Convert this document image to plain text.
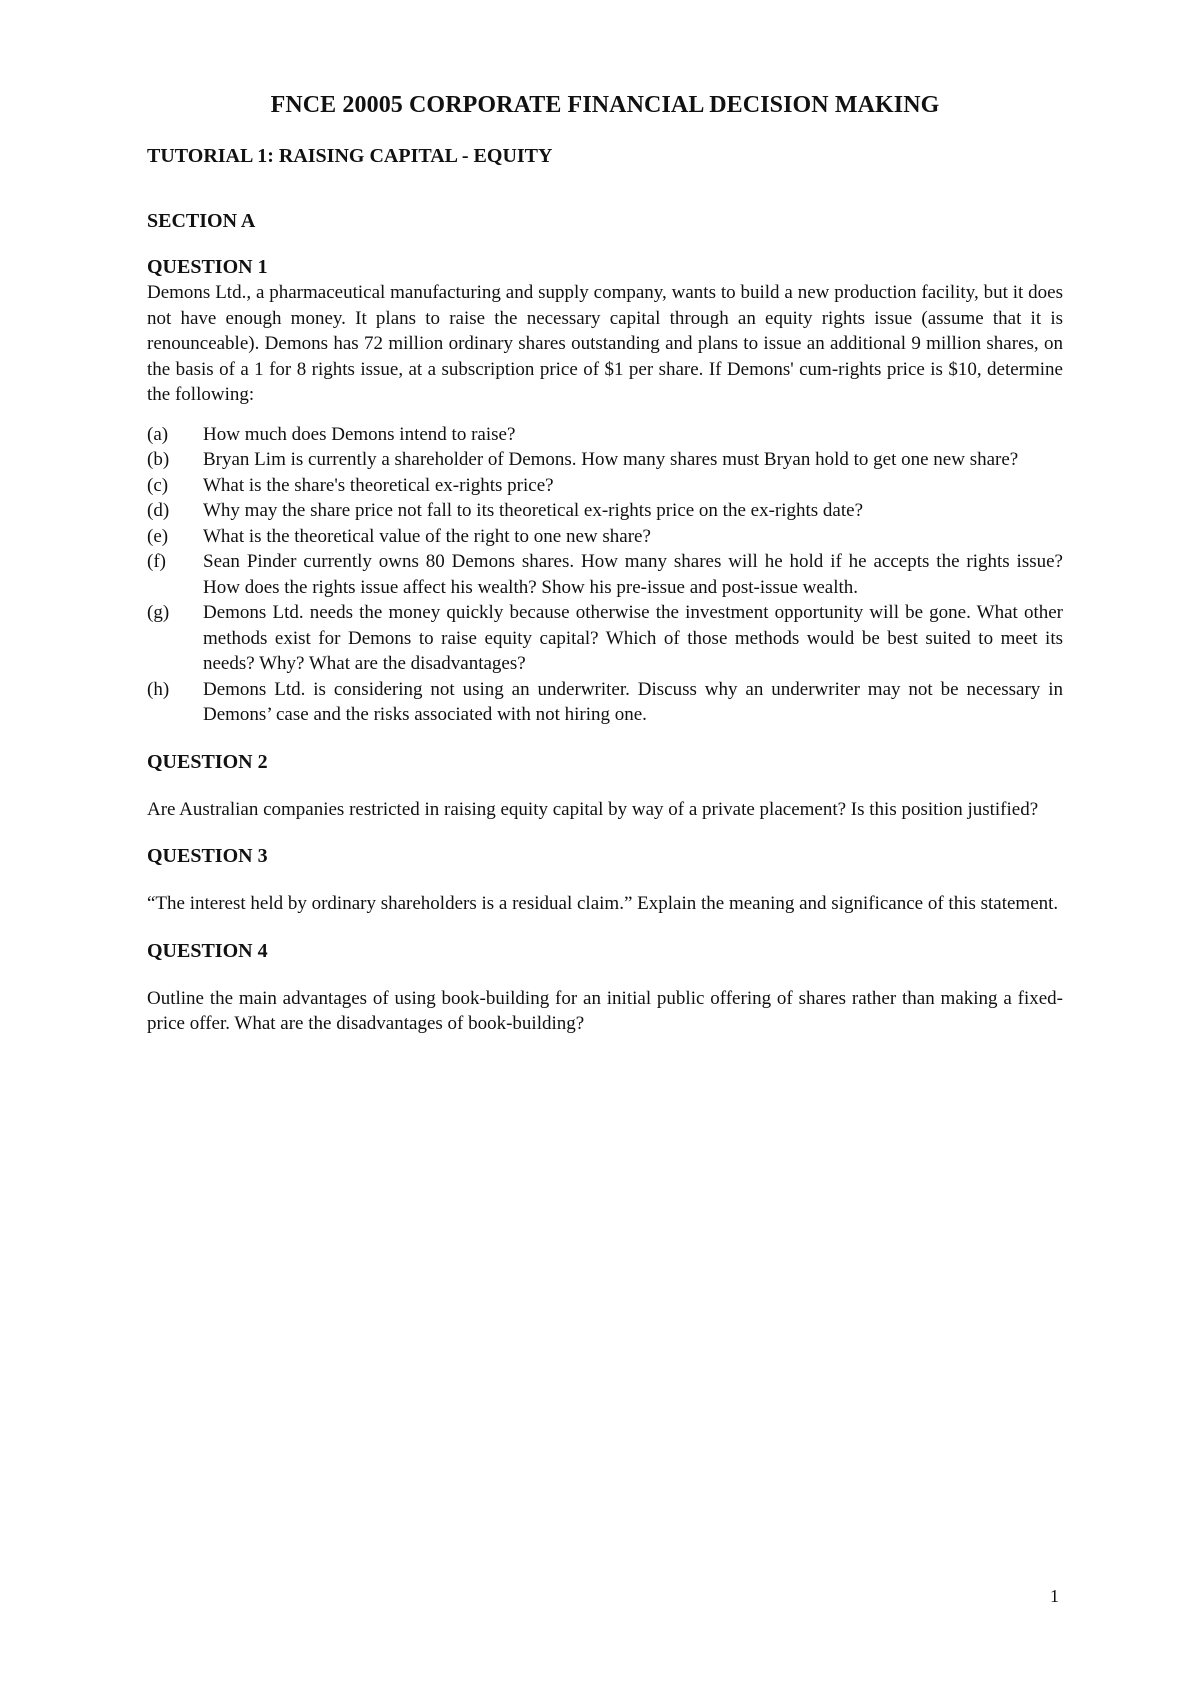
FNCE 20005 CORPORATE FINANCIAL DECISION MAKING
TUTORIAL 1: RAISING CAPITAL - EQUITY
SECTION A
QUESTION 1

Demons Ltd., a pharmaceutical manufacturing and supply company, wants to build a new production facility, but it does not have enough money. It plans to raise the necessary capital through an equity rights issue (assume that it is renounceable). Demons has 72 million ordinary shares outstanding and plans to issue an additional 9 million shares, on the basis of a 1 for 8 rights issue, at a subscription price of $1 per share. If Demons' cum-rights price is $10, determine the following:

(a)	How much does Demons intend to raise?
(b)	Bryan Lim is currently a shareholder of Demons. How many shares must Bryan hold to get one new share?
(c)	What is the share's theoretical ex-rights price?
(d)	Why may the share price not fall to its theoretical ex-rights price on the ex-rights date?
(e)	What is the theoretical value of the right to one new share?
(f)	Sean Pinder currently owns 80 Demons shares. How many shares will he hold if he accepts the rights issue? How does the rights issue affect his wealth? Show his pre-issue and post-issue wealth.
(g)	Demons Ltd. needs the money quickly because otherwise the investment opportunity will be gone. What other methods exist for Demons to raise equity capital? Which of those methods would be best suited to meet its needs? Why? What are the disadvantages?
(h)	Demons Ltd. is considering not using an underwriter. Discuss why an underwriter may not be necessary in Demons’ case and the risks associated with not hiring one.
QUESTION 2

Are Australian companies restricted in raising equity capital by way of a private placement? Is this position justified?

QUESTION 3

“The interest held by ordinary shareholders is a residual claim.” Explain the meaning and significance of this statement.

QUESTION 4

Outline the main advantages of using book-building for an initial public offering of shares rather than making a fixed-price offer. What are the disadvantages of book-building?

1
